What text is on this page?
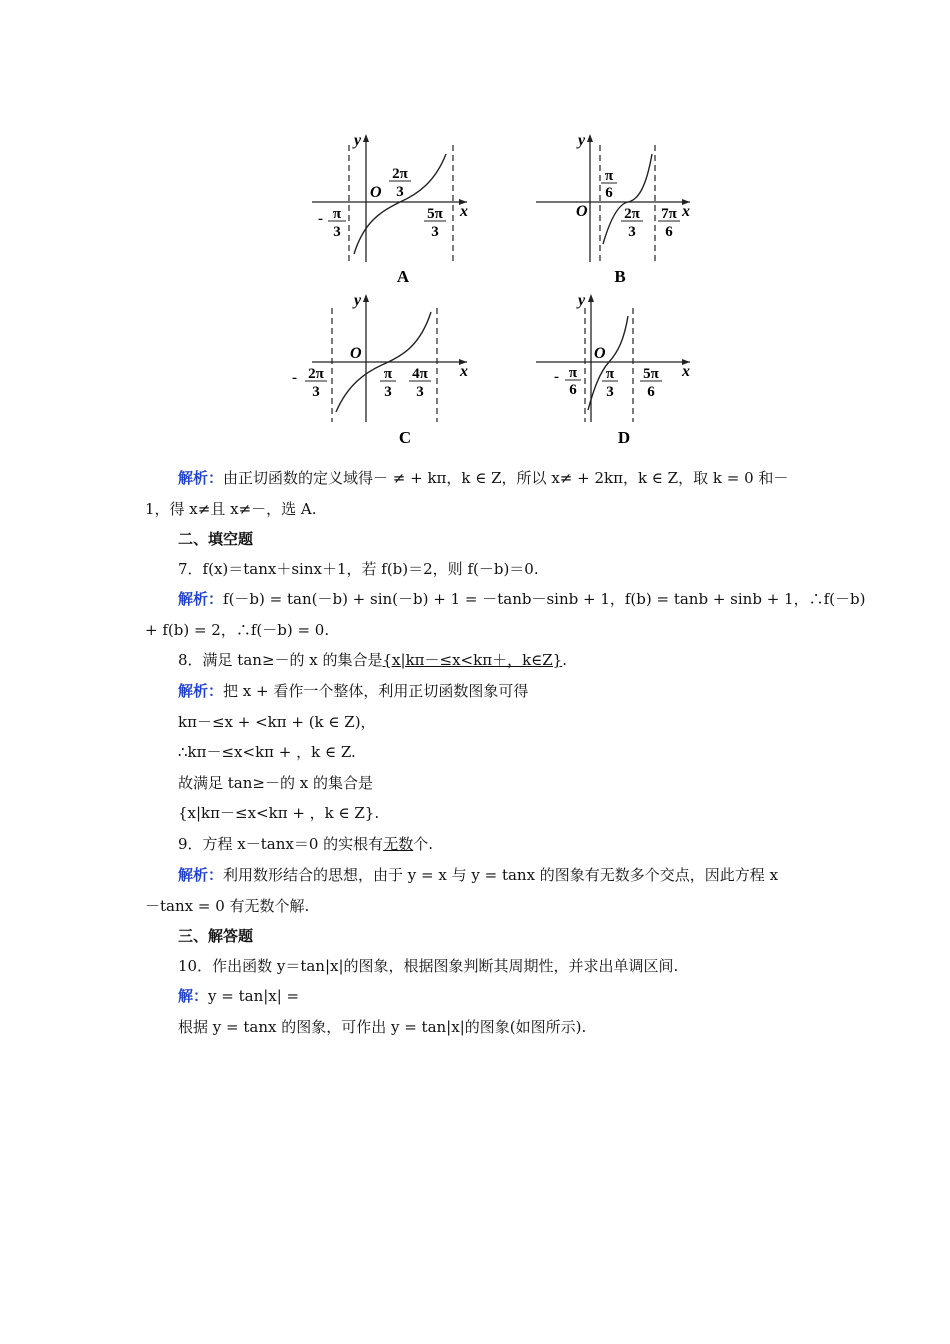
y
x
O
- π
3
2π
3
5π
3
A
y
x
O
π
6
2π
3
7π
6
B
y
x
O
- 2π
3
π
3
4π
3
C
y
x
O
- π
6
π
3
5π
6
D
解析：由正切函数的定义域得－ ≠ + kπ，k ∈ Z，所以 x≠ + 2kπ，k ∈ Z，取 k = 0 和－
1，得 x≠且 x≠－，选 A.
二、填空题
7．f(x)＝tanx＋sinx＋1，若 f(b)＝2，则 f(－b)＝0.
解析：f(－b) = tan(－b) + sin(－b) + 1 = －tanb－sinb + 1，f(b) = tanb + sinb + 1，∴f(－b)
+ f(b) = 2，∴f(－b) = 0.
8．满足 tan≥－的 x 的集合是{x|kπ－≤x<kπ＋，k∈Z}.
解析：把 x + 看作一个整体，利用正切函数图象可得
kπ－≤x + <kπ + (k ∈ Z)，
∴kπ－≤x<kπ + ，k ∈ Z.
故满足 tan≥－的 x 的集合是
{x|kπ－≤x<kπ + ，k ∈ Z}.
9．方程 x－tanx＝0 的实根有无数个.
解析：利用数形结合的思想，由于 y = x 与 y = tanx 的图象有无数多个交点，因此方程 x
－tanx = 0 有无数个解.
三、解答题
10．作出函数 y＝tan|x|的图象，根据图象判断其周期性，并求出单调区间.
解：y = tan|x| =
根据 y = tanx 的图象，可作出 y = tan|x|的图象(如图所示).
